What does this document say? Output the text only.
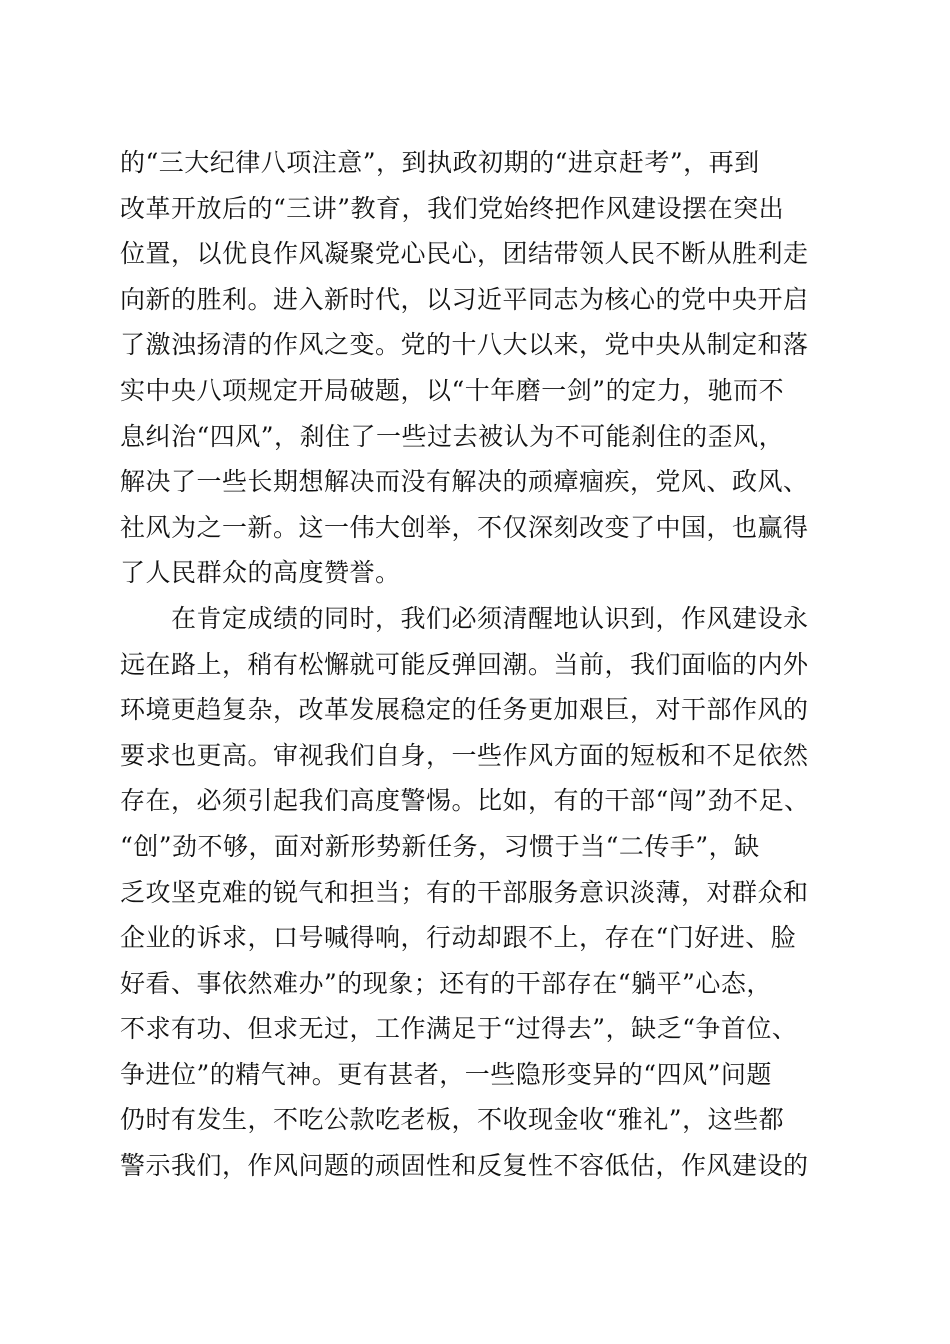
的“三大纪律八项注意”，到执政初期的“进京赶考”，再到
改革开放后的“三讲”教育，我们党始终把作风建设摆在突出
位置，以优良作风凝聚党心民心，团结带领人民不断从胜利走
向新的胜利。进入新时代，以习近平同志为核心的党中央开启
了激浊扬清的作风之变。党的十八大以来，党中央从制定和落
实中央八项规定开局破题，以“十年磨一剑”的定力，驰而不
息纠治“四风”，刹住了一些过去被认为不可能刹住的歪风，
解决了一些长期想解决而没有解决的顽瘴痼疾，党风、政风、
社风为之一新。这一伟大创举，不仅深刻改变了中国，也赢得
了人民群众的高度赞誉。
　　在肯定成绩的同时，我们必须清醒地认识到，作风建设永
远在路上，稍有松懈就可能反弹回潮。当前，我们面临的内外
环境更趋复杂，改革发展稳定的任务更加艰巨，对干部作风的
要求也更高。审视我们自身，一些作风方面的短板和不足依然
存在，必须引起我们高度警惕。比如，有的干部“闯”劲不足、
“创”劲不够，面对新形势新任务，习惯于当“二传手”，缺
乏攻坚克难的锐气和担当；有的干部服务意识淡薄，对群众和
企业的诉求，口号喊得响，行动却跟不上，存在“门好进、脸
好看、事依然难办”的现象；还有的干部存在“躺平”心态，
不求有功、但求无过，工作满足于“过得去”，缺乏“争首位、
争进位”的精气神。更有甚者，一些隐形变异的“四风”问题
仍时有发生，不吃公款吃老板，不收现金收“雅礼”，这些都
警示我们，作风问题的顽固性和反复性不容低估，作风建设的
